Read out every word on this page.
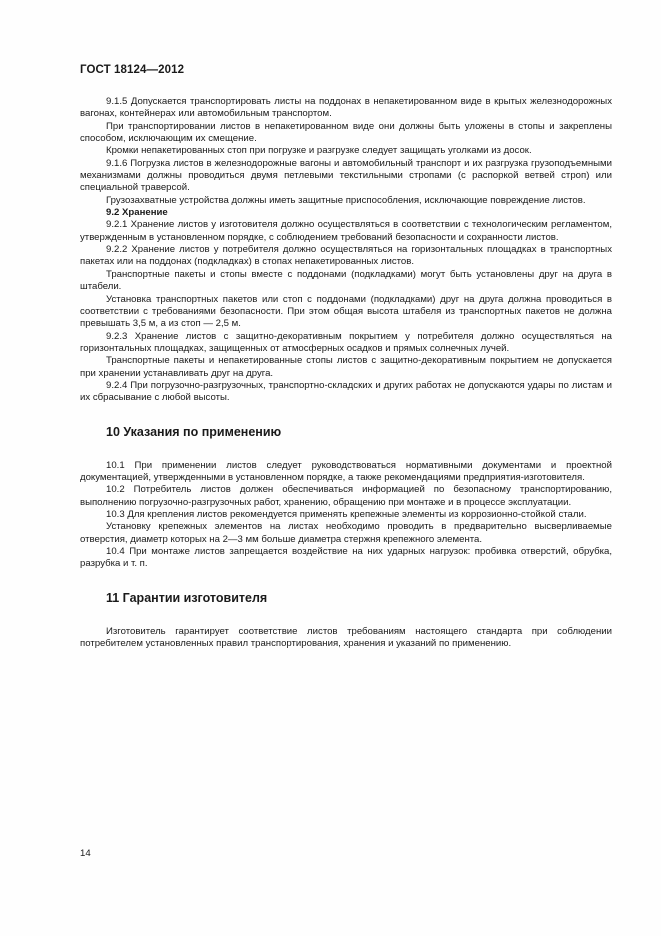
ГОСТ 18124—2012

9.1.5 Допускается транспортировать листы на поддонах в непакетированном виде в крытых железнодорожных вагонах, контейнерах или автомобильным транспортом.

При транспортировании листов в непакетированном виде они должны быть уложены в стопы и закреплены способом, исключающим их смещение.

Кромки непакетированных стоп при погрузке и разгрузке следует защищать уголками из досок.

9.1.6 Погрузка листов в железнодорожные вагоны и автомобильный транспорт и их разгрузка грузоподъемными механизмами должны проводиться двумя петлевыми текстильными стропами (с распоркой ветвей строп) или специальной траверсой.

Грузозахватные устройства должны иметь защитные приспособления, исключающие повреждение листов.

9.2 Хранение

9.2.1 Хранение листов у изготовителя должно осуществляться в соответствии с технологическим регламентом, утвержденным в установленном порядке, с соблюдением требований безопасности и сохранности листов.

9.2.2 Хранение листов у потребителя должно осуществляться на горизонтальных площадках в транспортных пакетах или на поддонах (подкладках) в стопах непакетированных листов.

Транспортные пакеты и стопы вместе с поддонами (подкладками) могут быть установлены друг на друга в штабели.

Установка транспортных пакетов или стоп с поддонами (подкладками) друг на друга должна проводиться в соответствии с требованиями безопасности. При этом общая высота штабеля из транспортных пакетов не должна превышать 3,5 м, а из стоп — 2,5 м.

9.2.3 Хранение листов с защитно-декоративным покрытием у потребителя должно осуществляться на горизонтальных площадках, защищенных от атмосферных осадков и прямых солнечных лучей.

Транспортные пакеты и непакетированные стопы листов с защитно-декоративным покрытием не допускается при хранении устанавливать друг на друга.

9.2.4 При погрузочно-разгрузочных, транспортно-складских и других работах не допускаются удары по листам и их сбрасывание с любой высоты.

10 Указания по применению

10.1 При применении листов следует руководствоваться нормативными документами и проектной документацией, утвержденными в установленном порядке, а также рекомендациями предприятия-изготовителя.

10.2 Потребитель листов должен обеспечиваться информацией по безопасному транспортированию, выполнению погрузочно-разгрузочных работ, хранению, обращению при монтаже и в процессе эксплуатации.

10.3 Для крепления листов рекомендуется применять крепежные элементы из коррозионно-стойкой стали.

Установку крепежных элементов на листах необходимо проводить в предварительно высверливаемые отверстия, диаметр которых на 2—3 мм больше диаметра стержня крепежного элемента.

10.4 При монтаже листов запрещается воздействие на них ударных нагрузок: пробивка отверстий, обрубка, разрубка и т. п.

11 Гарантии изготовителя

Изготовитель гарантирует соответствие листов требованиям настоящего стандарта при соблюдении потребителем установленных правил транспортирования, хранения и указаний по применению.

14
